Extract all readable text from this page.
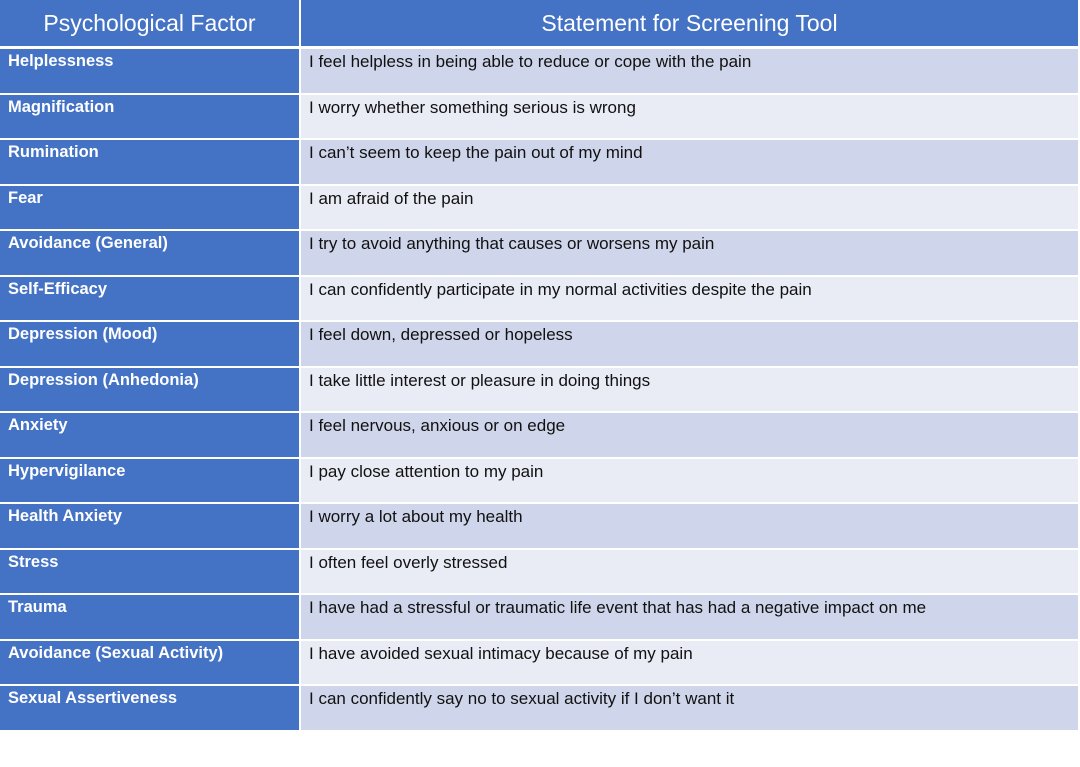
Psychological Factor	Statement for Screening Tool
Helplessness	I feel helpless in being able to reduce or cope with the pain
Magnification	I worry whether something serious is wrong
Rumination	I can’t seem to keep the pain out of my mind
Fear	I am afraid of the pain
Avoidance (General)	I try to avoid anything that causes or worsens my pain
Self-Efficacy	I can confidently participate in my normal activities despite the pain
Depression (Mood)	I feel down, depressed or hopeless
Depression (Anhedonia)	I take little interest or pleasure in doing things
Anxiety	I feel nervous, anxious or on edge
Hypervigilance	I pay close attention to my pain
Health Anxiety	I worry a lot about my health
Stress	I often feel overly stressed
Trauma	I have had a stressful or traumatic life event that has had a negative impact on me
Avoidance (Sexual Activity)	I have avoided sexual intimacy because of my pain
Sexual Assertiveness	I can confidently say no to sexual activity if I don’t want it
